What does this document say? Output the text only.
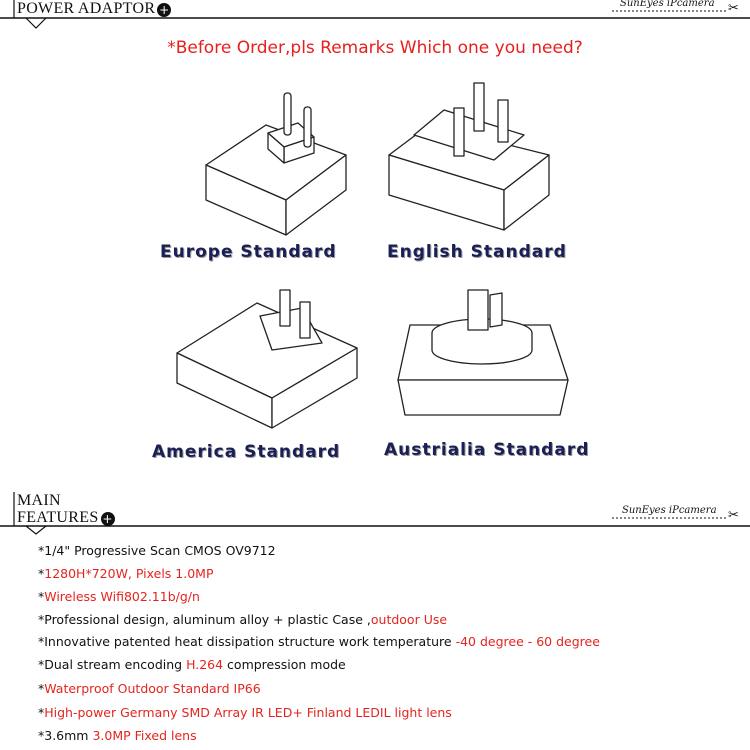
POWER ADAPTOR +	SunEyes iPcamera ✂
*Before Order,pls Remarks Which one you need?
Europe Standard	English Standard
America Standard	Austrialia Standard
MAIN
FEATURES +
SunEyes iPcamera ✂
*1/4" Progressive Scan CMOS OV9712
*1280H*720W, Pixels 1.0MP
*Wireless Wifi802.11b/g/n
*Professional design, aluminum alloy + plastic Case ,outdoor Use
*Innovative patented heat dissipation structure work temperature -40 degree - 60 degree
*Dual stream encoding H.264 compression mode
*Waterproof Outdoor Standard IP66
*High-power Germany SMD Array IR LED+ Finland LEDIL light lens
*3.6mm 3.0MP Fixed lens
